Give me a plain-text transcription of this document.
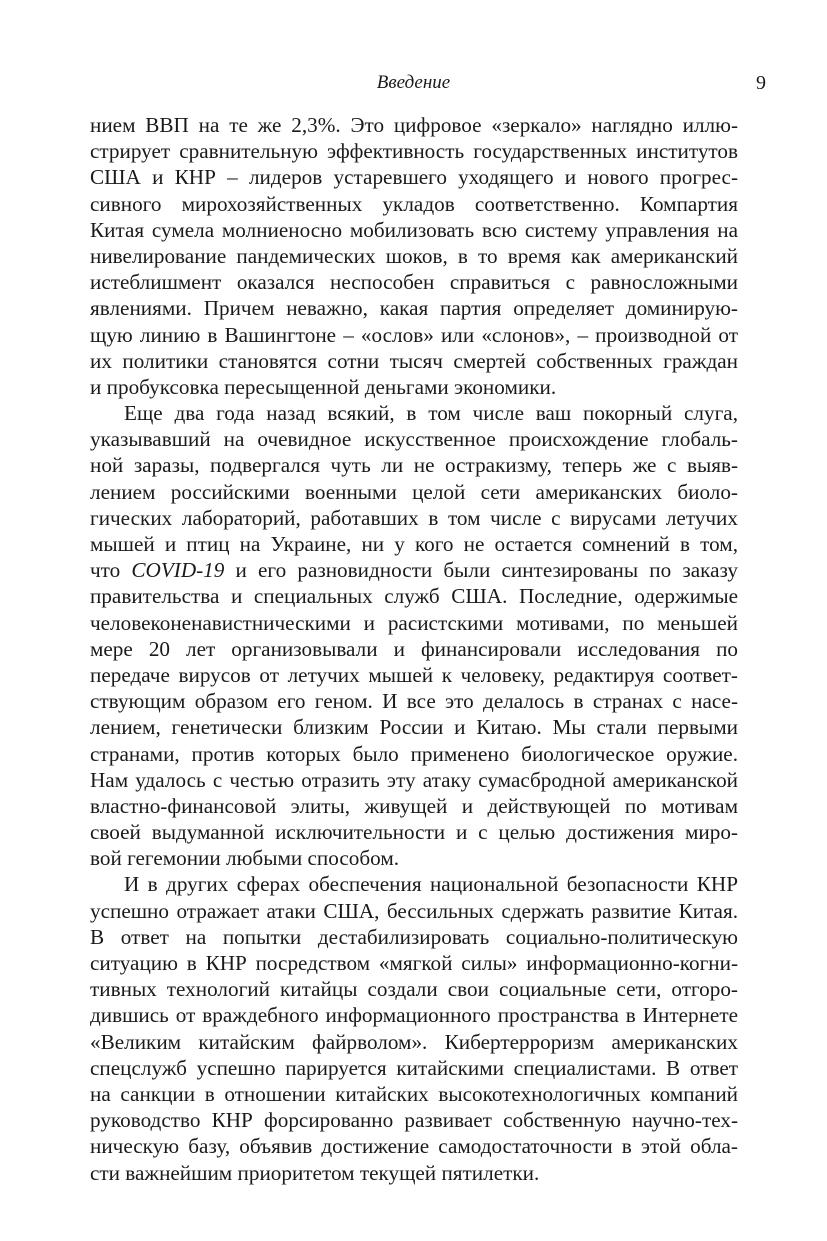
Введение	9
нием ВВП на те же 2,3%. Это цифровое «зеркало» наглядно иллю-
стрирует сравнительную эффективность государственных институтов
США и КНР – лидеров устаревшего уходящего и нового прогрес-
сивного мирохозяйственных укладов соответственно. Компартия
Китая сумела молниеносно мобилизовать всю систему управления на
нивелирование пандемических шоков, в то время как американский
истеблишмент оказался неспособен справиться с равносложными
явлениями. Причем неважно, какая партия определяет доминирую-
щую линию в Вашингтоне – «ослов» или «слонов», – производной от
их политики становятся сотни тысяч смертей собственных граждан
и пробуксовка пересыщенной деньгами экономики.
Еще два года назад всякий, в том числе ваш покорный слуга,
указывавший на очевидное искусственное происхождение глобаль-
ной заразы, подвергался чуть ли не остракизму, теперь же с выяв-
лением российскими военными целой сети американских биоло-
гических лабораторий, работавших в том числе с вирусами летучих
мышей и птиц на Украине, ни у кого не остается сомнений в том,
что COVID-19 и его разновидности были синтезированы по заказу
правительства и специальных служб США. Последние, одержимые
человеконенавистническими и расистскими мотивами, по меньшей
мере 20 лет организовывали и финансировали исследования по
передаче вирусов от летучих мышей к человеку, редактируя соответ-
ствующим образом его геном. И все это делалось в странах с насе-
лением, генетически близким России и Китаю. Мы стали первыми
странами, против которых было применено биологическое оружие.
Нам удалось с честью отразить эту атаку сумасбродной американской
властно-финансовой элиты, живущей и действующей по мотивам
своей выдуманной исключительности и с целью достижения миро-
вой гегемонии любыми способом.
И в других сферах обеспечения национальной безопасности КНР
успешно отражает атаки США, бессильных сдержать развитие Китая.
В ответ на попытки дестабилизировать социально-политическую
ситуацию в КНР посредством «мягкой силы» информационно-когни-
тивных технологий китайцы создали свои социальные сети, отгоро-
дившись от враждебного информационного пространства в Интернете
«Великим китайским файрволом». Кибертерроризм американских
спецслужб успешно парируется китайскими специалистами. В ответ
на санкции в отношении китайских высокотехнологичных компаний
руководство КНР форсированно развивает собственную научно-тех-
ническую базу, объявив достижение самодостаточности в этой обла-
сти важнейшим приоритетом текущей пятилетки.
